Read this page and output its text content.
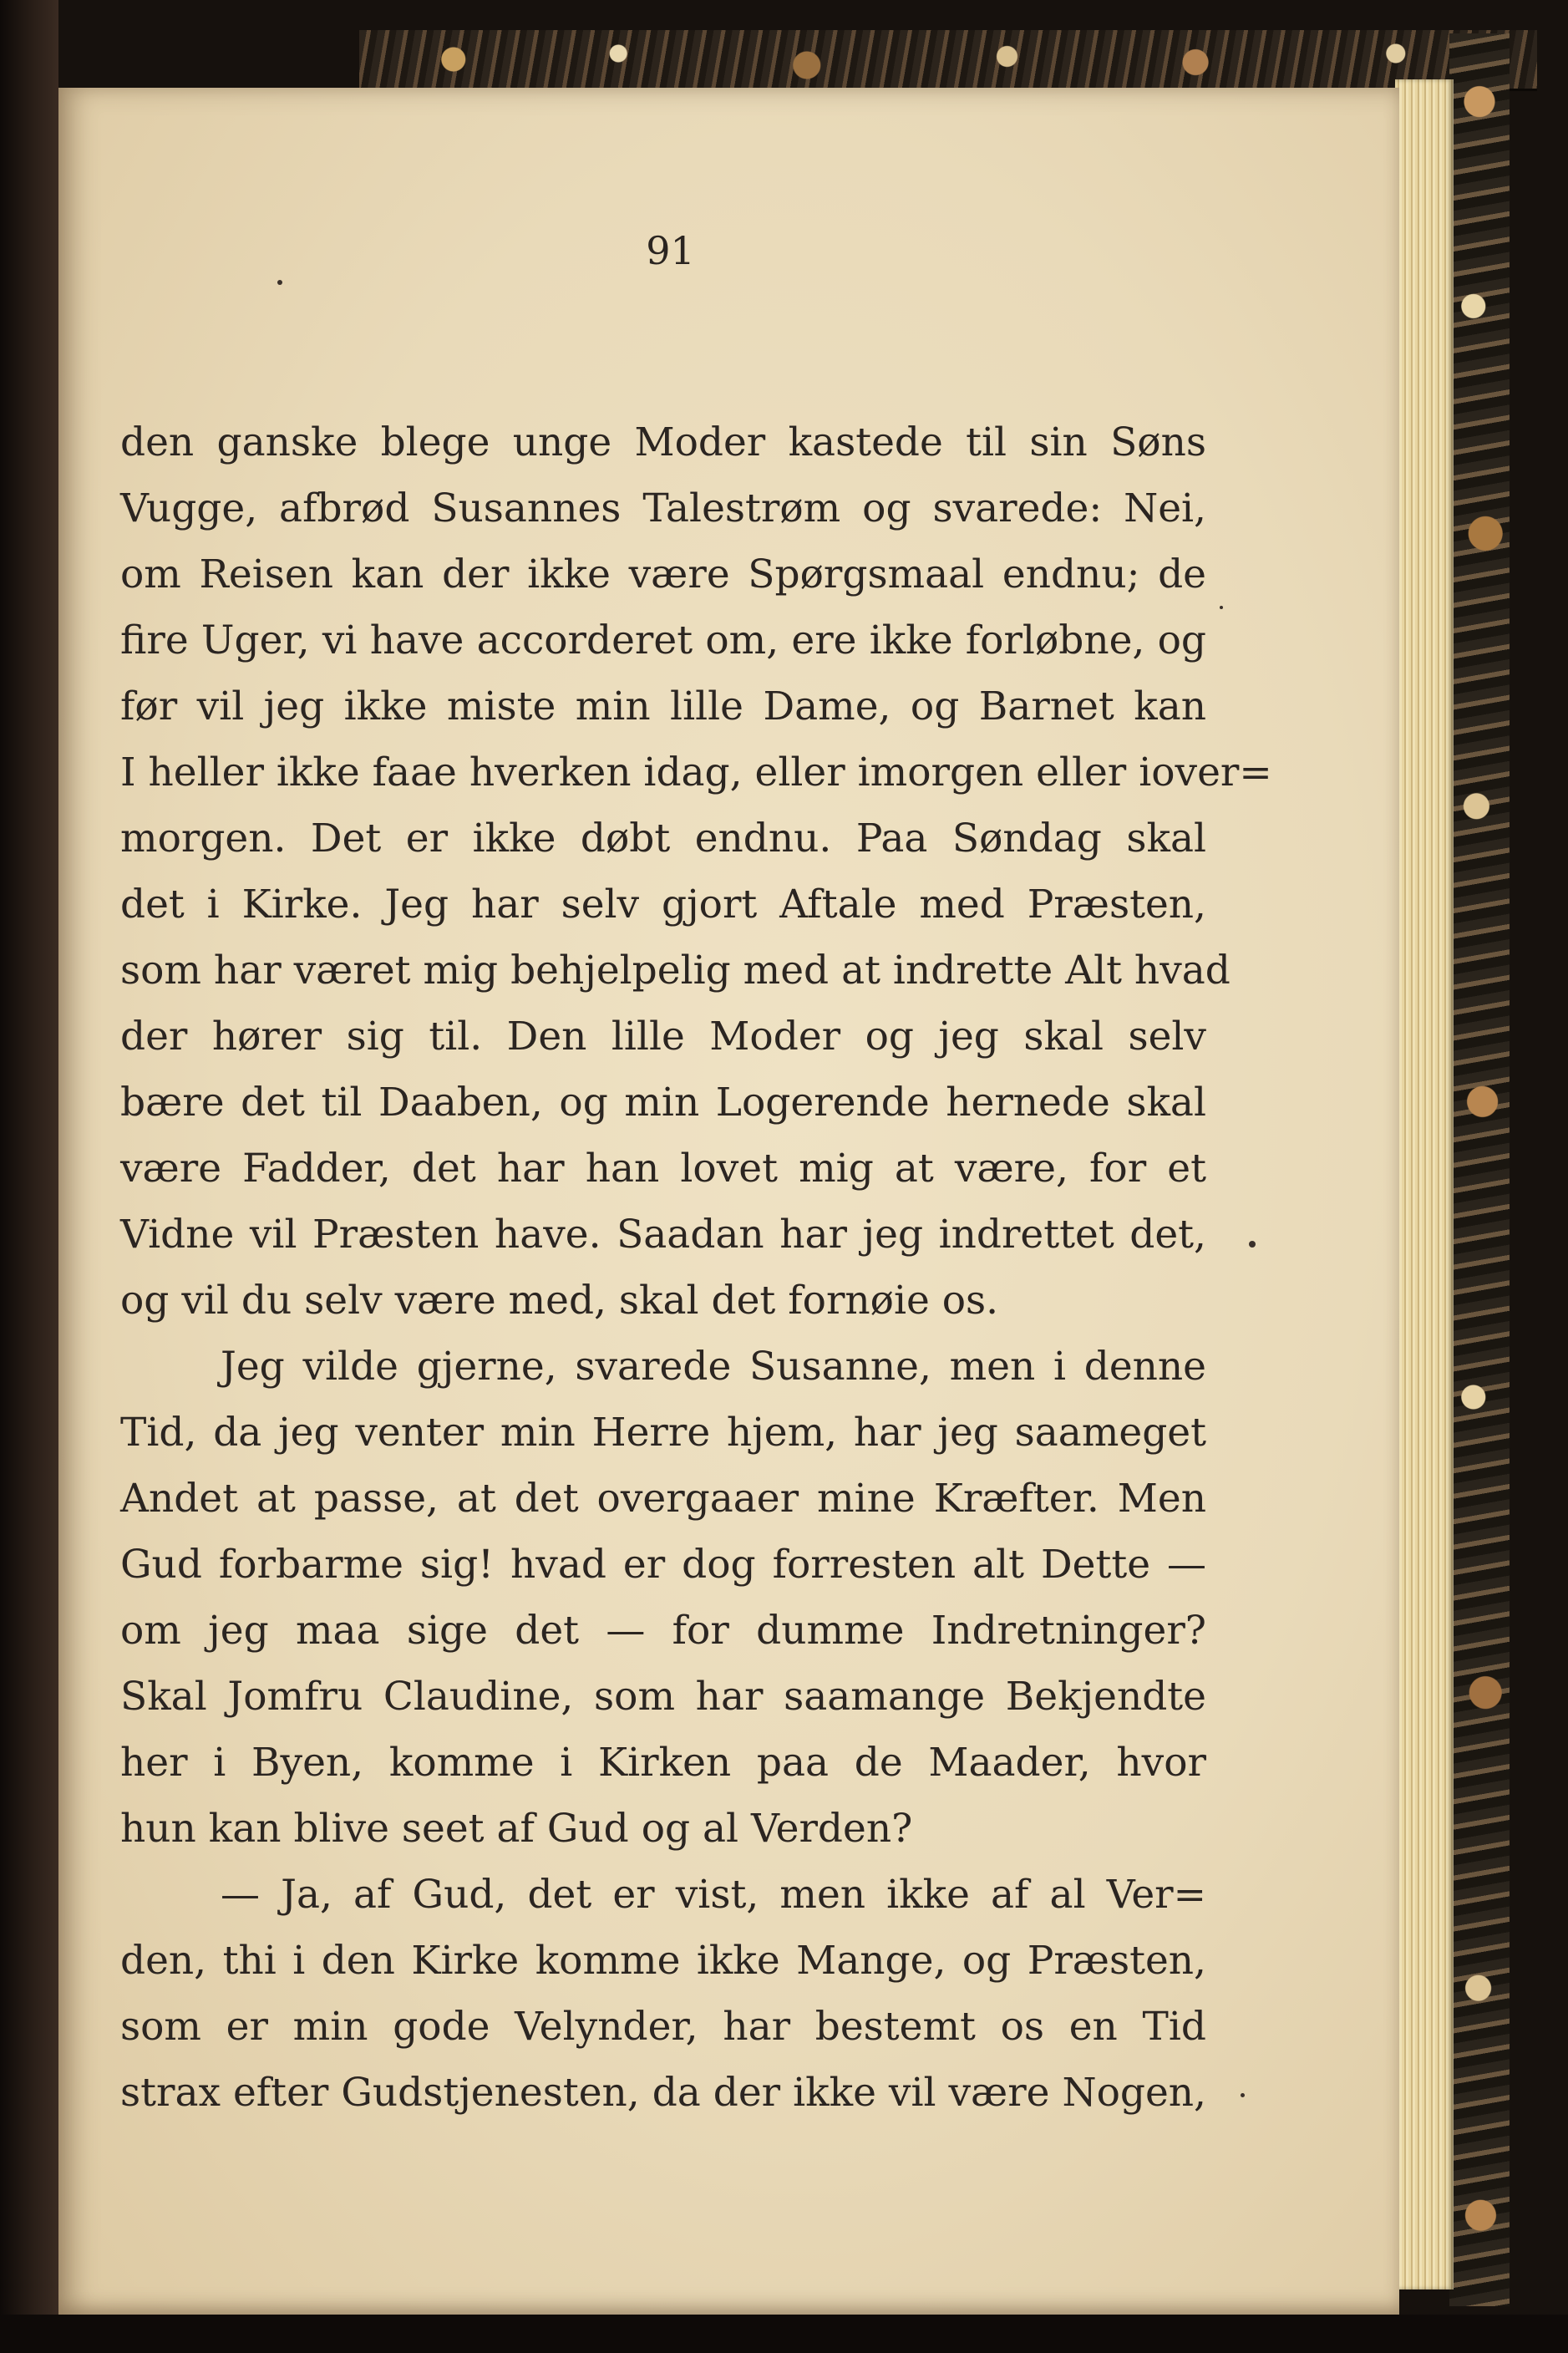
91
den ganske blege unge Moder kastede til sin Søns
Vugge, afbrød Susannes Talestrøm og svarede: Nei,
om Reisen kan der ikke være Spørgsmaal endnu; de
fire Uger, vi have accorderet om, ere ikke forløbne, og
før vil jeg ikke miste min lille Dame, og Barnet kan
I heller ikke faae hverken idag, eller imorgen eller iover=
morgen. Det er ikke døbt endnu. Paa Søndag skal
det i Kirke. Jeg har selv gjort Aftale med Præsten,
som har været mig behjelpelig med at indrette Alt hvad
der hører sig til. Den lille Moder og jeg skal selv
bære det til Daaben, og min Logerende hernede skal
være Fadder, det har han lovet mig at være, for et
Vidne vil Præsten have. Saadan har jeg indrettet det,
og vil du selv være med, skal det fornøie os.
Jeg vilde gjerne, svarede Susanne, men i denne
Tid, da jeg venter min Herre hjem, har jeg saameget
Andet at passe, at det overgaaer mine Kræfter. Men
Gud forbarme sig! hvad er dog forresten alt Dette —
om jeg maa sige det — for dumme Indretninger?
Skal Jomfru Claudine, som har saamange Bekjendte
her i Byen, komme i Kirken paa de Maader, hvor
hun kan blive seet af Gud og al Verden?
— Ja, af Gud, det er vist, men ikke af al Ver=
den, thi i den Kirke komme ikke Mange, og Præsten,
som er min gode Velynder, har bestemt os en Tid
strax efter Gudstjenesten, da der ikke vil være Nogen,
